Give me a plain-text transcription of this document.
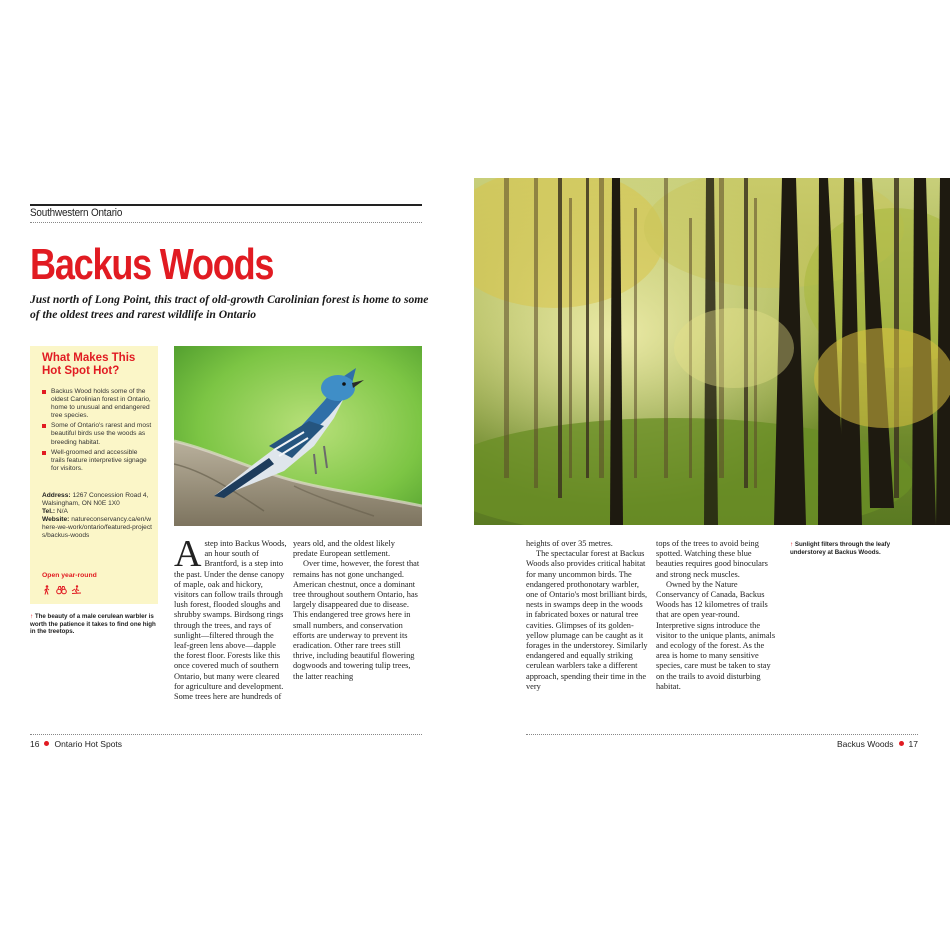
Southwestern Ontario
Backus Woods
Just north of Long Point, this tract of old-growth Carolinian forest is home to some of the oldest trees and rarest wildlife in Ontario
What Makes This Hot Spot Hot?
Backus Wood holds some of the oldest Carolinian forest in Ontario, home to unusual and endangered tree species.
Some of Ontario's rarest and most beautiful birds use the woods as breeding habitat.
Well-groomed and accessible trails feature interpretive signage for visitors.
Address: 1267 Concession Road 4, Walsingham, ON N0E 1X0
Tel.: N/A
Website: natureconservancy.ca/en/where-we-work/ontario/featured-projects/backus-woods
Open year-round
↑ The beauty of a male cerulean warbler is worth the patience it takes to find one high in the treetops.
↑ Sunlight filters through the leafy understorey at Backus Woods.

Astep into Backus Woods, an hour south of Brantford, is a step into the past. Under the dense canopy of maple, oak and hickory, visitors can follow trails through lush forest, flooded sloughs and shrubby swamps. Birdsong rings through the trees, and rays of sunlight—filtered through the leaf-green lens above—dapple the forest floor. Forests like this once covered much of southern Ontario, but many were cleared for agriculture and development. Some trees here are hundreds of

years old, and the oldest likely predate European settlement.

Over time, however, the forest that remains has not gone unchanged. American chestnut, once a dominant tree throughout southern Ontario, has largely disappeared due to disease. This endangered tree grows here in small numbers, and conservation efforts are underway to prevent its eradication. Other rare trees still thrive, including beautiful flowering dogwoods and towering tulip trees, the latter reaching

heights of over 35 metres.

The spectacular forest at Backus Woods also provides critical habitat for many uncommon birds. The endangered prothonotary warbler, one of Ontario's most brilliant birds, nests in swamps deep in the woods in fabricated boxes or natural tree cavities. Glimpses of its golden-yellow plumage can be caught as it forages in the understorey. Similarly endangered and equally striking cerulean warblers take a different approach, spending their time in the very

tops of the trees to avoid being spotted. Watching these blue beauties requires good binoculars and strong neck muscles.

Owned by the Nature Conservancy of Canada, Backus Woods has 12 kilometres of trails that are open year-round. Interpretive signs introduce the visitor to the unique plants, animals and ecology of the forest. As the area is home to many sensitive species, care must be taken to stay on the trails to avoid disturbing habitat.

16 Ontario Hot Spots	Backus Woods 17
